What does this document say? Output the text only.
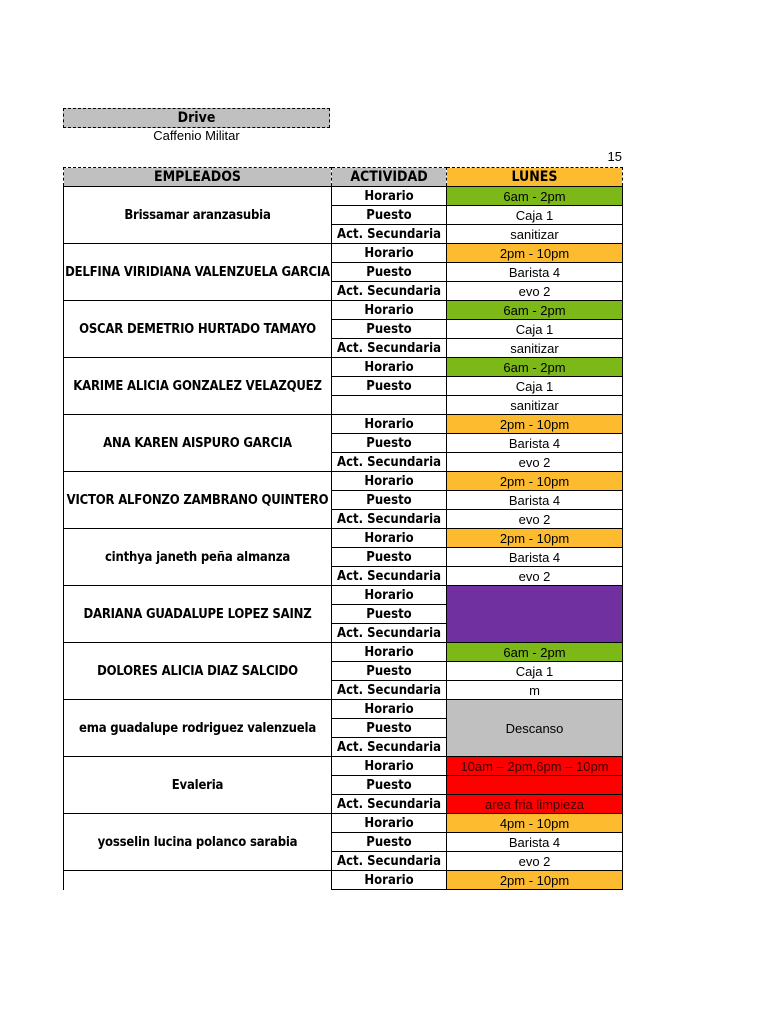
Drive
Caffenio Militar
15
EMPLEADOS	ACTIVIDAD	LUNES
Brissamar aranzasubia	Horario	6am - 2pm
	Puesto	Caja 1
	Act. Secundaria	sanitizar
DELFINA VIRIDIANA VALENZUELA GARCIA	Horario	2pm - 10pm
	Puesto	Barista 4
	Act. Secundaria	evo 2
OSCAR DEMETRIO HURTADO TAMAYO	Horario	6am - 2pm
	Puesto	Caja 1
	Act. Secundaria	sanitizar
KARIME ALICIA GONZALEZ VELAZQUEZ	Horario	6am - 2pm
	Puesto	Caja 1
		sanitizar
ANA KAREN AISPURO GARCIA	Horario	2pm - 10pm
	Puesto	Barista 4
	Act. Secundaria	evo 2
VICTOR ALFONZO ZAMBRANO QUINTERO	Horario	2pm - 10pm
	Puesto	Barista 4
	Act. Secundaria	evo 2
cinthya janeth peña almanza	Horario	2pm - 10pm
	Puesto	Barista 4
	Act. Secundaria	evo 2
DARIANA GUADALUPE LOPEZ SAINZ	Horario	
	Puesto	
	Act. Secundaria	
DOLORES ALICIA DIAZ SALCIDO	Horario	6am - 2pm
	Puesto	Caja 1
	Act. Secundaria	m
ema guadalupe rodriguez valenzuela	Horario	Descanso
	Puesto	
	Act. Secundaria	
Evaleria	Horario	10am – 2pm,6pm – 10pm
	Puesto	
	Act. Secundaria	area fria limpieza
yosselin lucina polanco sarabia	Horario	4pm - 10pm
	Puesto	Barista 4
	Act. Secundaria	evo 2
	Horario	2pm - 10pm
